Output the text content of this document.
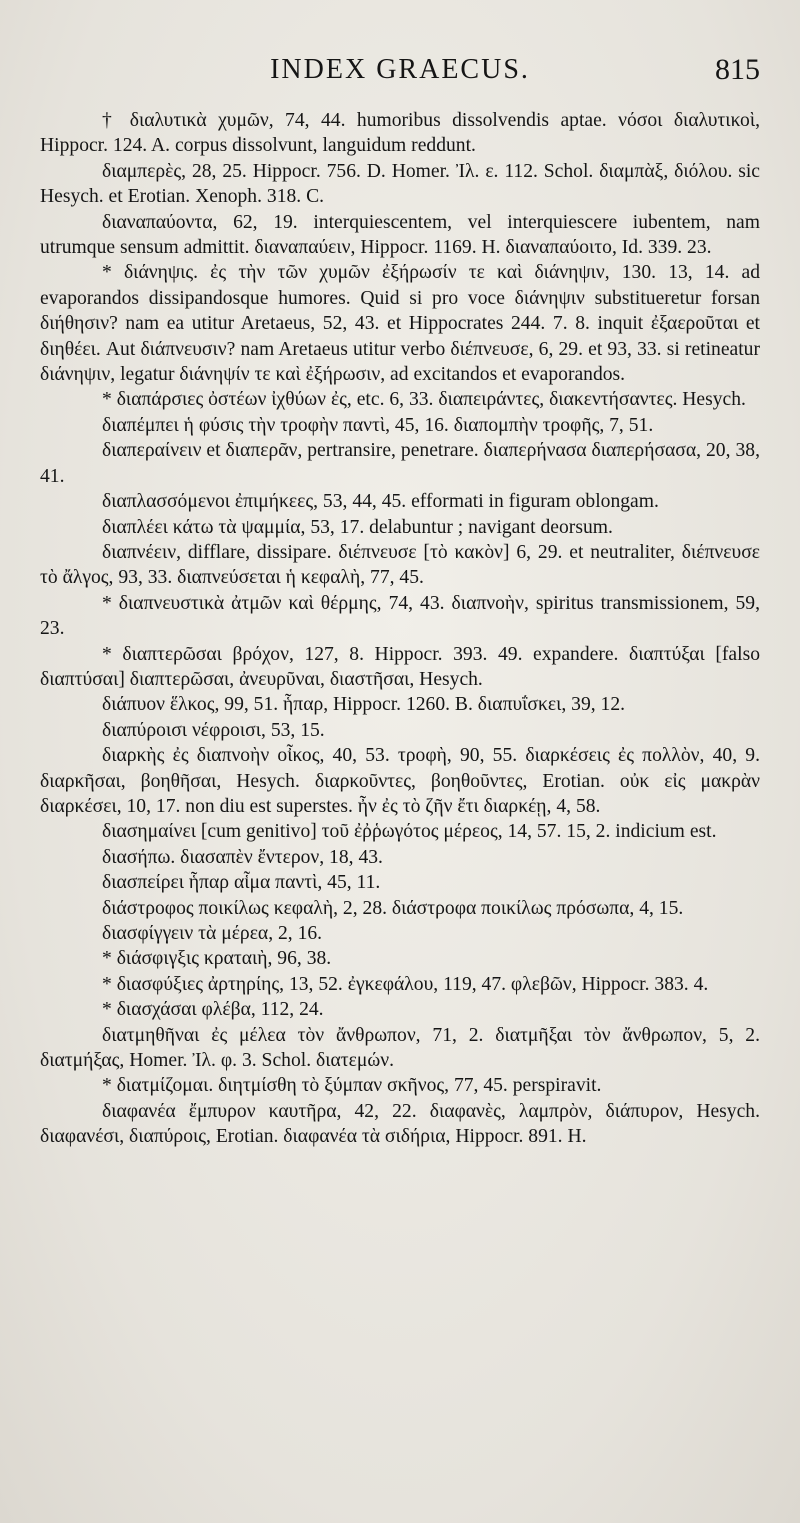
INDEX GRAECUS.	815

† διαλυτικὰ χυμῶν, 74, 44. humoribus dissolvendis aptae. νόσοι διαλυτικοὶ, Hippocr. 124. A. corpus dissolvunt, languidum reddunt.

διαμπερὲς, 28, 25. Hippocr. 756. D. Homer. Ἰλ. ε. 112. Schol. διαμπὰξ, διόλου. sic Hesych. et Erotian. Xenoph. 318. C.

διαναπαύοντα, 62, 19. interquiescentem, vel interquiescere iubentem, nam utrumque sensum admittit. διαναπαύειν, Hippocr. 1169. H. διαναπαύοιτο, Id. 339. 23.

* διάνηψις. ἐς τὴν τῶν χυμῶν ἐξήρωσίν τε καὶ διάνηψιν, 130. 13, 14. ad evaporandos dissipandosque humores. Quid si pro voce διάνηψιν substitueretur forsan διήθησιν? nam ea utitur Aretaeus, 52, 43. et Hippocrates 244. 7. 8. inquit ἐξαεροῦται et διηθέει. Aut διάπνευσιν? nam Aretaeus utitur verbo διέπνευσε, 6, 29. et 93, 33. si retineatur διάνηψιν, legatur διάνηψίν τε καὶ ἐξήρωσιν, ad excitandos et evaporandos.

* διαπάρσιες ὀστέων ἰχθύων ἐς, etc. 6, 33. διαπειράντες, διακεντήσαντες. Hesych.

διαπέμπει ἡ φύσις τὴν τροφὴν παντὶ, 45, 16. διαπομπὴν τροφῆς, 7, 51.

διαπεραίνειν et διαπερᾶν, pertransire, penetrare. διαπερήνασα διαπερήσασα, 20, 38, 41.

διαπλασσόμενοι ἐπιμήκεες, 53, 44, 45. efformati in figuram oblongam.

διαπλέει κάτω τὰ ψαμμία, 53, 17. delabuntur ; navigant deorsum.

διαπνέειν, difflare, dissipare. διέπνευσε [τὸ κακὸν] 6, 29. et neutraliter, διέπνευσε τὸ ἄλγος, 93, 33. διαπνεύσεται ἡ κεφαλὴ, 77, 45.

* διαπνευστικὰ ἀτμῶν καὶ θέρμης, 74, 43. διαπνοὴν, spiritus transmissionem, 59, 23.

* διαπτερῶσαι βρόχον, 127, 8. Hippocr. 393. 49. expandere. διαπτύξαι [falso διαπτύσαι] διαπτερῶσαι, ἀνευρῦναι, διαστῆσαι, Hesych.

διάπυον ἕλκος, 99, 51. ἧπαρ, Hippocr. 1260. B. διαπυΐσκει, 39, 12.

διαπύροισι νέφροισι, 53, 15.

διαρκὴς ἐς διαπνοὴν οἶκος, 40, 53. τροφὴ, 90, 55. διαρκέσεις ἐς πολλὸν, 40, 9. διαρκῆσαι, βοηθῆσαι, Hesych. διαρκοῦντες, βοηθοῦντες, Erotian. οὐκ εἰς μακρὰν διαρκέσει, 10, 17. non diu est superstes. ἦν ἐς τὸ ζῆν ἔτι διαρκέῃ, 4, 58.

διασημαίνει [cum genitivo] τοῦ ἐῤῥωγότος μέρεος, 14, 57. 15, 2. indicium est.

διασήπω. διασαπὲν ἔντερον, 18, 43.

διασπείρει ἧπαρ αἷμα παντὶ, 45, 11.

διάστροφος ποικίλως κεφαλὴ, 2, 28. διάστροφα ποικίλως πρόσωπα, 4, 15.

διασφίγγειν τὰ μέρεα, 2, 16.

* διάσφιγξις κραταιὴ, 96, 38.

* διασφύξιες ἀρτηρίης, 13, 52. ἐγκεφάλου, 119, 47. φλεβῶν, Hippocr. 383. 4.

* διασχάσαι φλέβα, 112, 24.

διατμηθῆναι ἐς μέλεα τὸν ἄνθρωπον, 71, 2. διατμῆξαι τὸν ἄνθρωπον, 5, 2. διατμήξας, Homer. Ἰλ. φ. 3. Schol. διατεμών.

* διατμίζομαι. διητμίσθη τὸ ξύμπαν σκῆνος, 77, 45. perspiravit.

διαφανέα ἔμπυρον καυτῆρα, 42, 22. διαφανὲς, λαμπρὸν, διάπυρον, Hesych. διαφανέσι, διαπύροις, Erotian. διαφανέα τὰ σιδήρια, Hippocr. 891. H.
